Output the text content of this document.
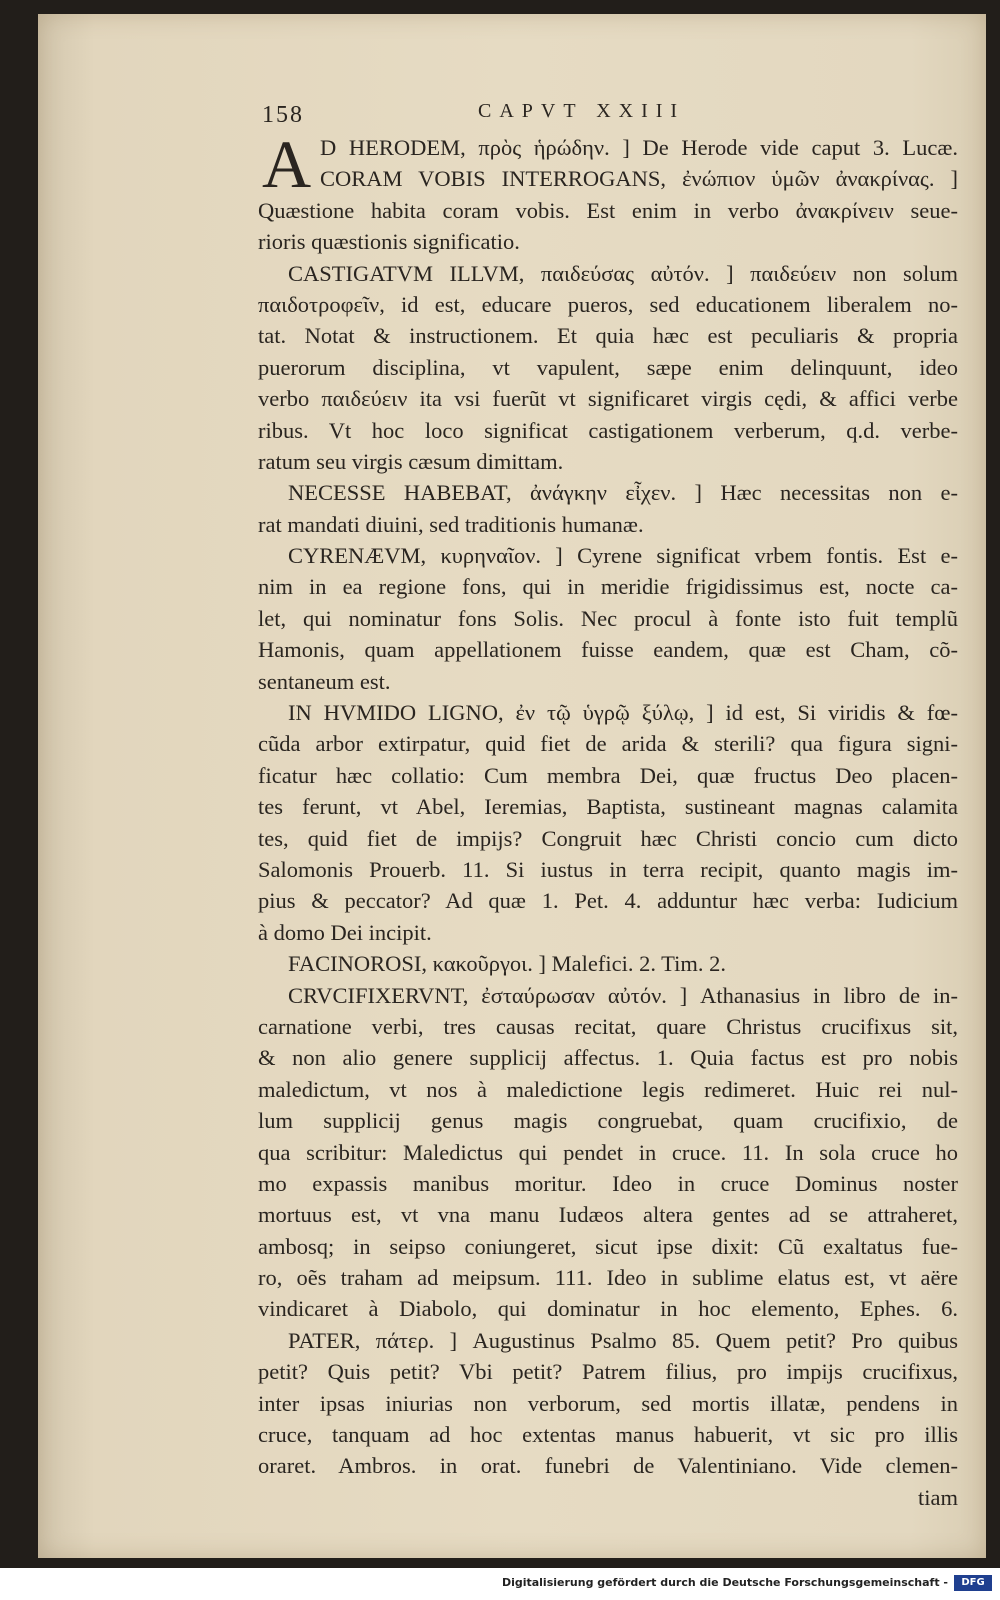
158	CAPVT XXIII
A D HERODEM, πρὸς ἡρώδην. ] De Herode vide caput 3. Lucæ.
CORAM VOBIS INTERROGANS, ἐνώπιον ὑμῶν ἀνακρίνας. ]
Quæstione habita coram vobis. Est enim in verbo ἀνακρίνειν seue-
rioris quæstionis significatio.
CASTIGATVM ILLVM, παιδεύσας αὐτόν. ] παιδεύειν non solum
παιδοτροφεῖν, id est, educare pueros, sed educationem liberalem no-
tat. Notat & instructionem. Et quia hæc est peculiaris & propria
puerorum disciplina, vt vapulent, sæpe enim delinquunt, ideo
verbo παιδεύειν ita vsi fuerũt vt significaret virgis cędi, & affici verbe
ribus. Vt hoc loco significat castigationem verberum, q.d. verbe-
ratum seu virgis cæsum dimittam.
NECESSE HABEBAT, ἀνάγκην εἶχεν. ] Hæc necessitas non e-
rat mandati diuini, sed traditionis humanæ.
CYRENÆVM, κυρηναῖον. ] Cyrene significat vrbem fontis. Est e-
nim in ea regione fons, qui in meridie frigidissimus est, nocte ca-
let, qui nominatur fons Solis. Nec procul à fonte isto fuit templũ
Hamonis, quam appellationem fuisse eandem, quæ est Cham, cõ-
sentaneum est.
IN HVMIDO LIGNO, ἐν τῷ ὑγρῷ ξύλῳ, ] id est, Si viridis & fœ-
cũda arbor extirpatur, quid fiet de arida & sterili? qua figura signi-
ficatur hæc collatio: Cum membra Dei, quæ fructus Deo placen-
tes ferunt, vt Abel, Ieremias, Baptista, sustineant magnas calamita
tes, quid fiet de impijs? Congruit hæc Christi concio cum dicto
Salomonis Prouerb. 11. Si iustus in terra recipit, quanto magis im-
pius & peccator? Ad quæ 1. Pet. 4. adduntur hæc verba: Iudicium
à domo Dei incipit.
FACINOROSI, κακοῦργοι. ] Malefici. 2. Tim. 2.
CRVCIFIXERVNT, ἐσταύρωσαν αὐτόν. ] Athanasius in libro de in-
carnatione verbi, tres causas recitat, quare Christus crucifixus sit,
& non alio genere supplicij affectus. 1. Quia factus est pro nobis
maledictum, vt nos à maledictione legis redimeret. Huic rei nul-
lum supplicij genus magis congruebat, quam crucifixio, de
qua scribitur: Maledictus qui pendet in cruce. 11. In sola cruce ho
mo expassis manibus moritur. Ideo in cruce Dominus noster
mortuus est, vt vna manu Iudæos altera gentes ad se attraheret,
ambosq; in seipso coniungeret, sicut ipse dixit: Cũ exaltatus fue-
ro, oẽs traham ad meipsum. 111. Ideo in sublime elatus est, vt aëre
vindicaret à Diabolo, qui dominatur in hoc elemento, Ephes. 6.
PATER, πάτερ. ] Augustinus Psalmo 85. Quem petit? Pro quibus
petit? Quis petit? Vbi petit? Patrem filius, pro impijs crucifixus,
inter ipsas iniurias non verborum, sed mortis illatæ, pendens in
cruce, tanquam ad hoc extentas manus habuerit, vt sic pro illis
oraret. Ambros. in orat. funebri de Valentiniano. Vide clemen-
tiam
Digitalisierung gefördert durch die Deutsche Forschungsgemeinschaft -	DFG
